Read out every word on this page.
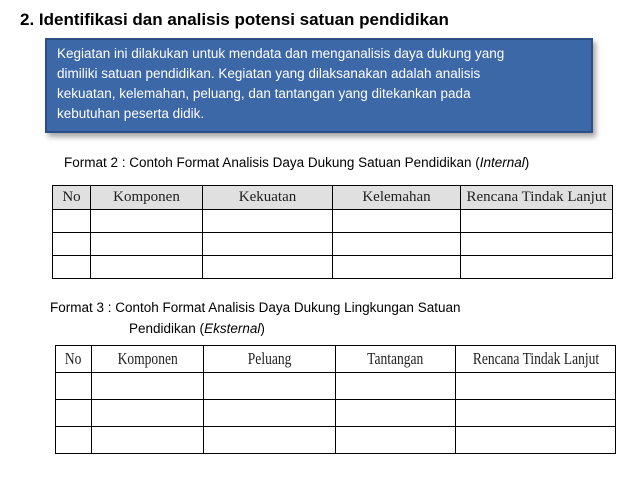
2. Identifikasi dan analisis potensi satuan pendidikan
Kegiatan ini dilakukan untuk mendata dan menganalisis daya dukung yang
dimiliki satuan pendidikan. Kegiatan yang dilaksanakan adalah analisis
kekuatan, kelemahan, peluang, dan tantangan yang ditekankan pada
kebutuhan peserta didik.
Format 2 : Contoh Format Analisis Daya Dukung Satuan Pendidikan (Internal)
No	Komponen	Kekuatan	Kelemahan	Rencana Tindak Lanjut

Format 3 : Contoh Format Analisis Daya Dukung Lingkungan Satuan
Pendidikan (Eksternal)
No	Komponen	Peluang	Tantangan	Rencana Tindak Lanjut
